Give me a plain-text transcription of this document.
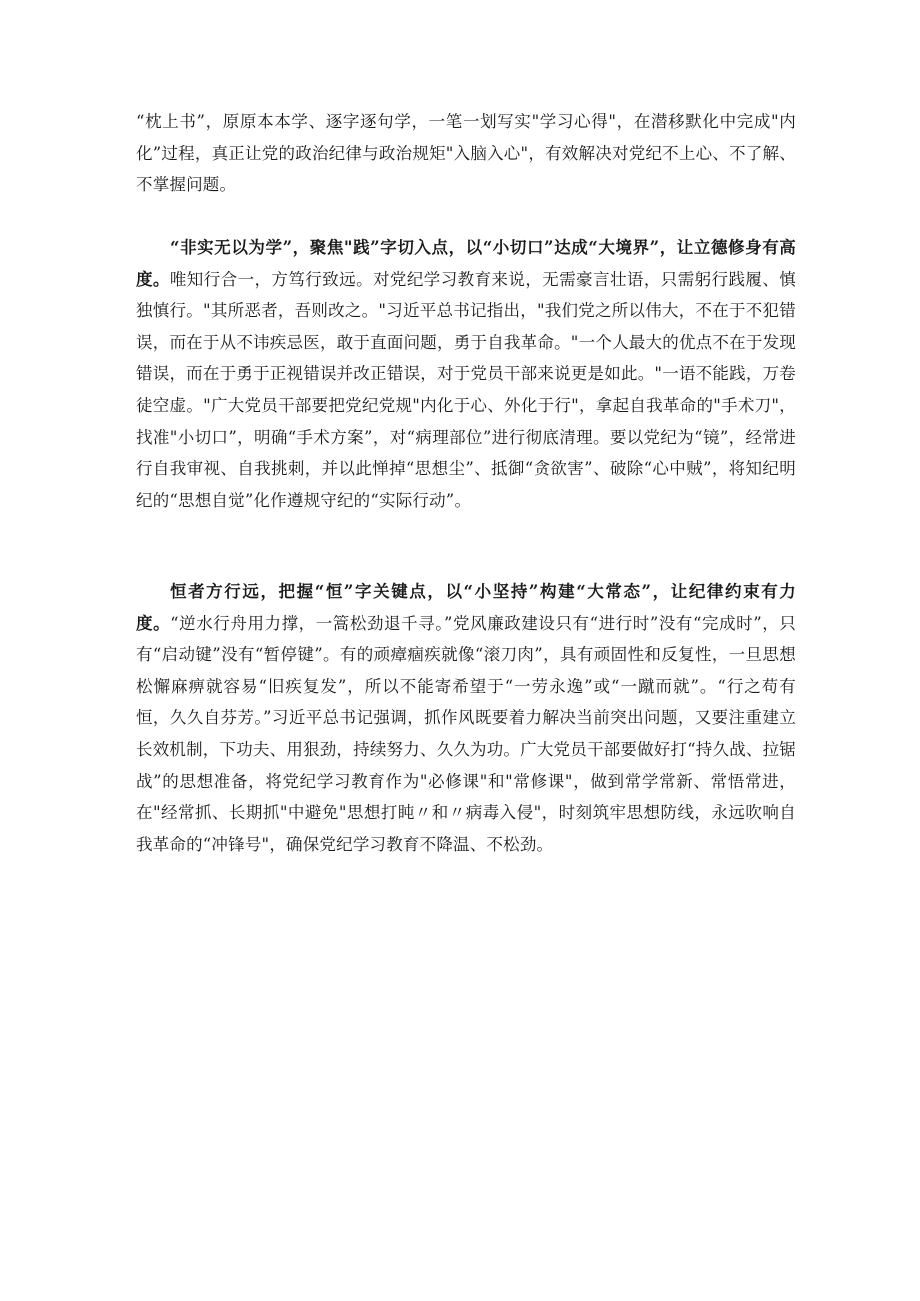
“枕上书”，原原本本学、逐字逐句学，一笔一划写实"学习心得"，在潜移默化中完成"内化”过程，真正让党的政治纪律与政治规矩"入脑入心"，有效解决对党纪不上心、不了解、不掌握问题。

“非实无以为学”，聚焦"践”字切入点，以“小切口”达成“大境界”，让立德修身有高度。唯知行合一，方笃行致远。对党纪学习教育来说，无需豪言壮语，只需躬行践履、慎独慎行。"其所恶者，吾则改之。"习近平总书记指出，"我们党之所以伟大，不在于不犯错误，而在于从不讳疾忌医，敢于直面问题，勇于自我革命。"一个人最大的优点不在于发现错误，而在于勇于正视错误并改正错误，对于党员干部来说更是如此。"一语不能践，万卷徒空虚。"广大党员干部要把党纪党规"内化于心、外化于行"，拿起自我革命的"手术刀"，找准"小切口”，明确“手术方案”，对“病理部位”进行彻底清理。要以党纪为“镜”，经常进行自我审视、自我挑刺，并以此惮掉“思想尘”、抵御“贪欲害”、破除“心中贼”，将知纪明纪的“思想自觉”化作遵规守纪的“实际行动”。

恒者方行远，把握“恒”字关键点，以“小坚持”构建“大常态”，让纪律约束有力度。“逆水行舟用力撑，一篙松劲退千寻。”党风廉政建设只有“进行时”没有“完成时”，只有“启动键”没有“暂停键”。有的顽瘴痼疾就像“滚刀肉”，具有顽固性和反复性，一旦思想松懈麻痹就容易“旧疾复发”，所以不能寄希望于“一劳永逸”或“一蹴而就”。“行之苟有恒，久久自芬芳。”习近平总书记强调，抓作风既要着力解决当前突出问题，又要注重建立长效机制，下功夫、用狠劲，持续努力、久久为功。广大党员干部要做好打“持久战、拉锯战”的思想准备，将党纪学习教育作为"必修课"和"常修课"，做到常学常新、常悟常进，在"经常抓、长期抓"中避免"思想打盹〃和〃病毒入侵"，时刻筑牢思想防线，永远吹响自我革命的“冲锋号"，确保党纪学习教育不降温、不松劲。
